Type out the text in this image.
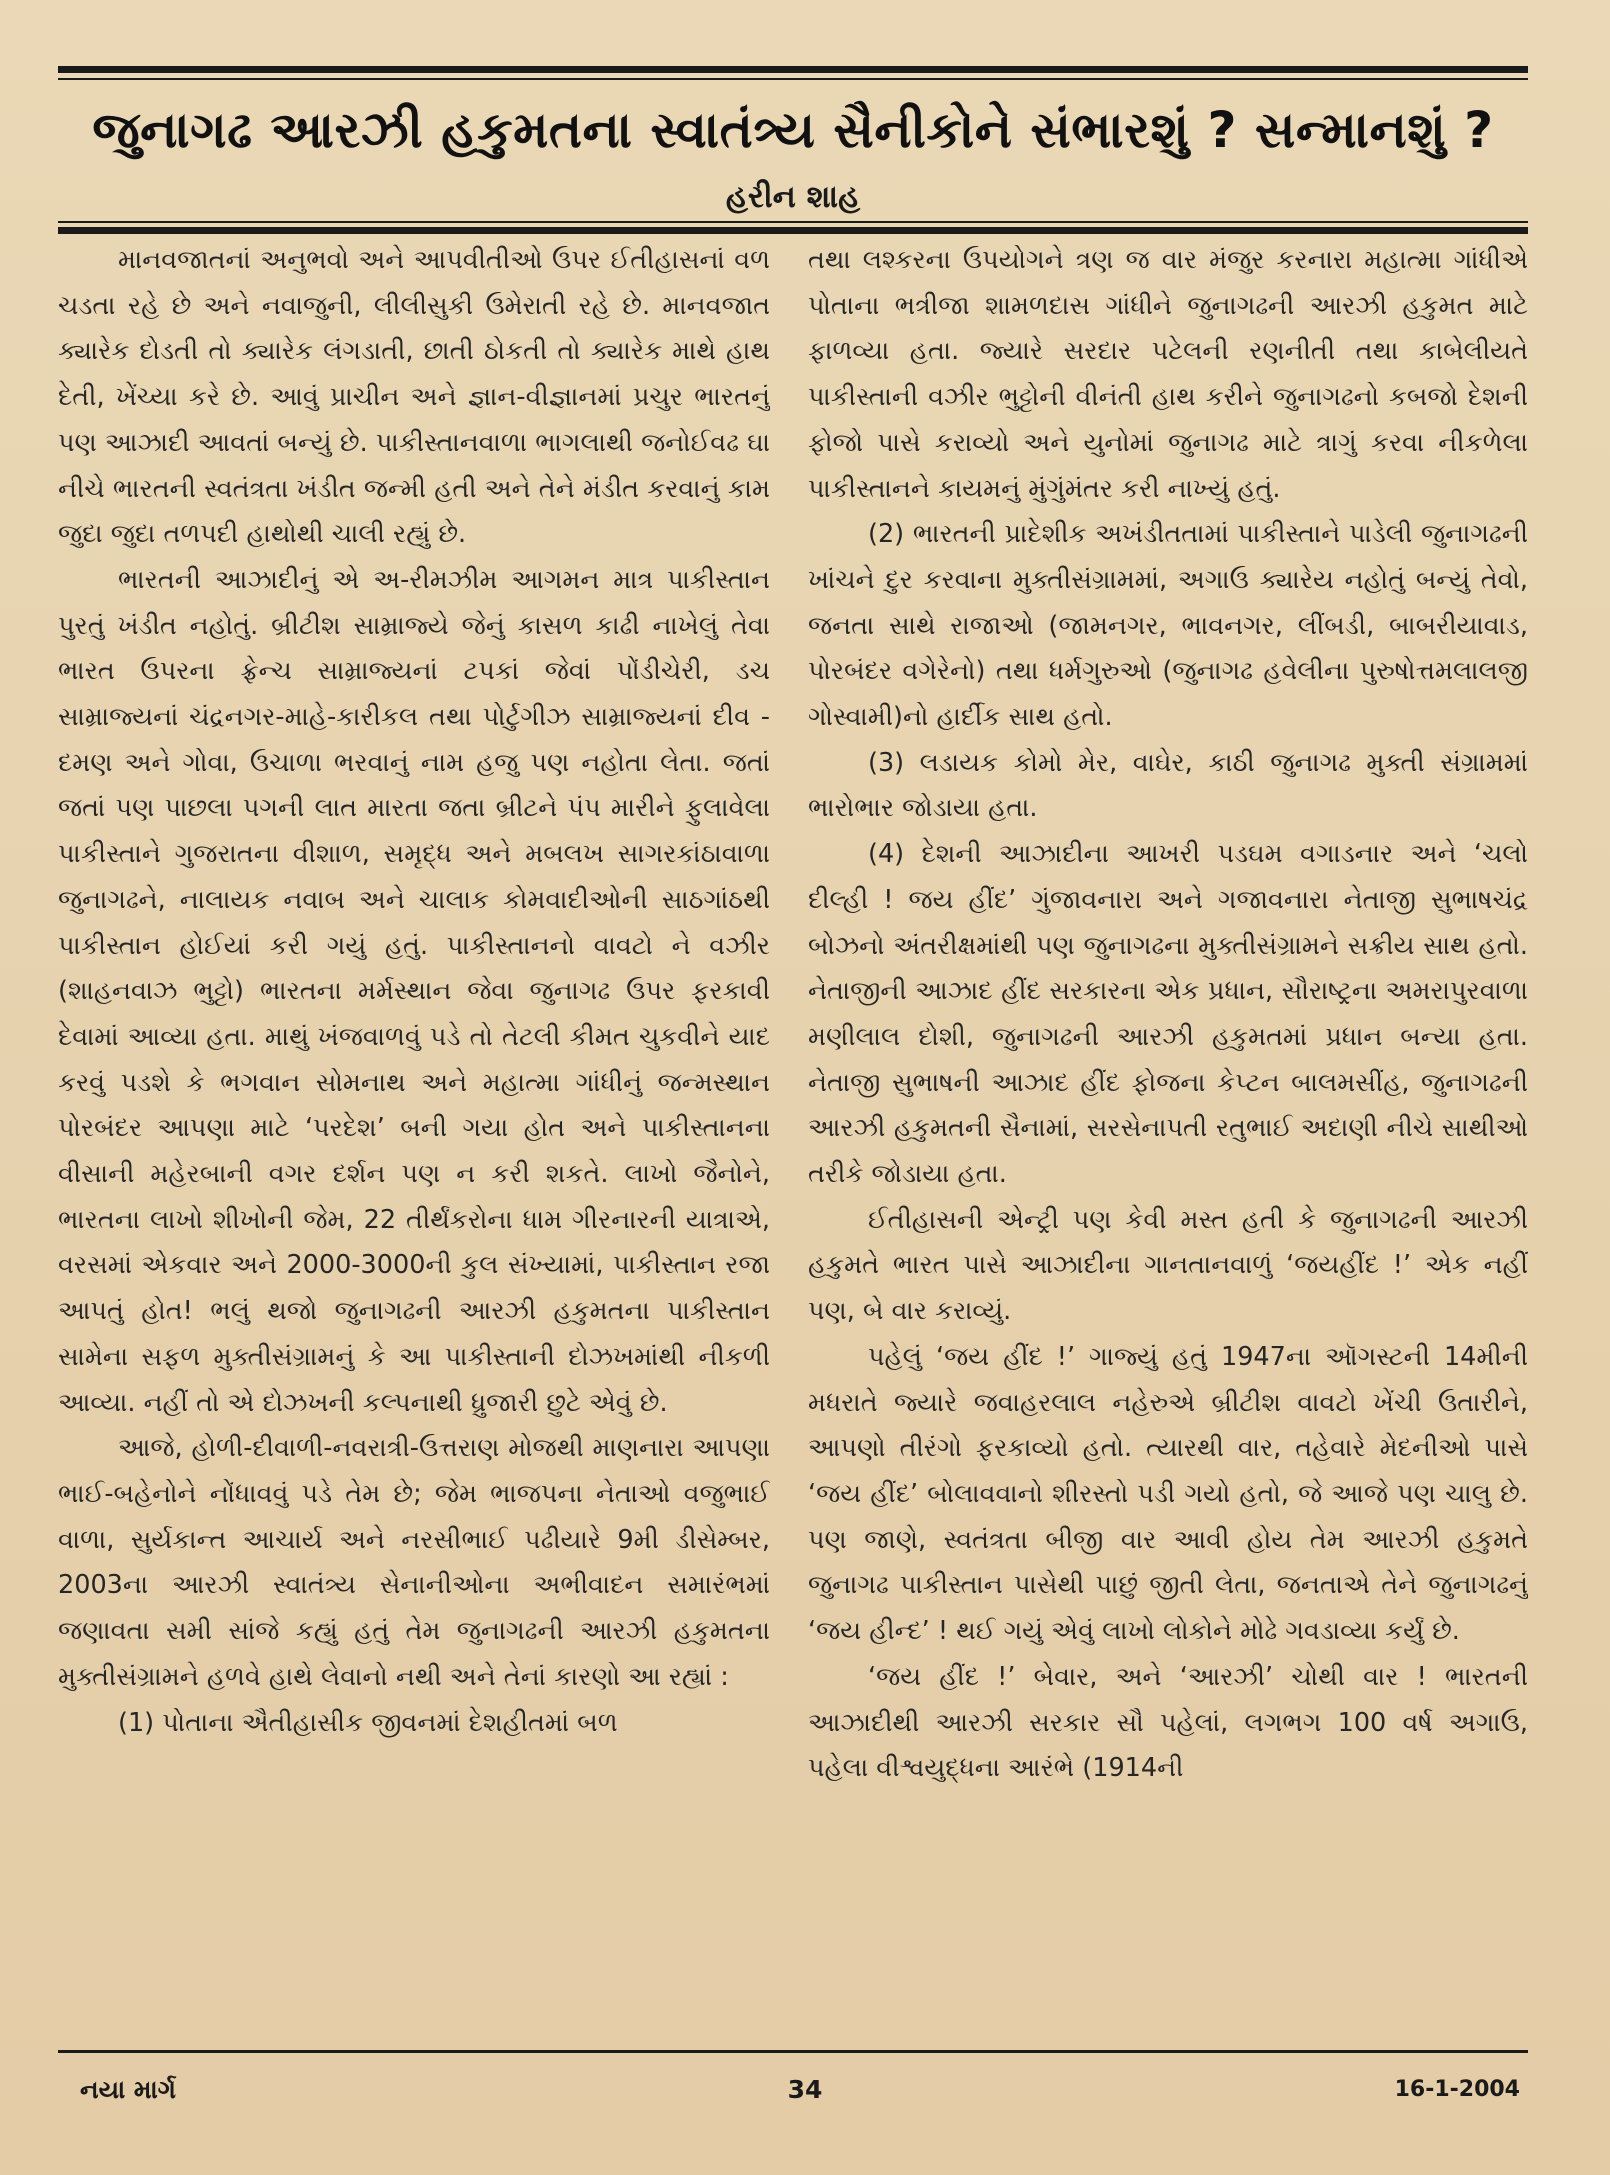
જુનાગઢ આરઝી હકુમતના સ્વાતંત્ર્ય સૈનીકોને સંભારશું ? સન્માનશું ?
હરીન શાહ

માનવજાતનાં અનુભવો અને આપવીતીઓ ઉપર ઈતીહાસનાં વળ ચડતા રહે છે અને નવાજુની, લીલીસુકી ઉમેરાતી રહે છે. માનવજાત ક્યારેક દોડતી તો ક્યારેક લંગડાતી, છાતી ઠોકતી તો ક્યારેક માથે હાથ દેતી, ખેંચ્યા કરે છે. આવું પ્રાચીન અને જ્ઞાન-વીજ્ઞાનમાં પ્રચુર ભારતનું પણ આઝાદી આવતાં બન્યું છે. પાકીસ્તાનવાળા ભાગલાથી જનોઈવઢ ઘા નીચે ભારતની સ્વતંત્રતા ખંડીત જન્મી હતી અને તેને મંડીત કરવાનું કામ જુદા જુદા તળપદી હાથોથી ચાલી રહ્યું છે.

ભારતની આઝાદીનું એ અ-રીમઝીમ આગમન માત્ર પાકીસ્તાન પુરતું ખંડીત નહોતું. બ્રીટીશ સામ્રાજ્યે જેનું કાસળ કાઢી નાખેલું તેવા ભારત ઉપરના ફ્રેન્ચ સામ્રાજ્યનાં ટપકાં જેવાં પોંડીચેરી, ડચ સામ્રાજ્યનાં ચંદ્રનગર-માહે-કારીકલ તથા પોર્ટુગીઝ સામ્રાજ્યનાં દીવ - દમણ અને ગોવા, ઉચાળા ભરવાનું નામ હજુ પણ નહોતા લેતા. જતાં જતાં પણ પાછલા પગની લાત મારતા જતા બ્રીટને પંપ મારીને ફુલાવેલા પાકીસ્તાને ગુજરાતના વીશાળ, સમૃદ્ધ અને મબલખ સાગરકાંઠાવાળા જુનાગઢને, નાલાયક નવાબ અને ચાલાક કોમવાદીઓની સાઠગાંઠથી પાકીસ્તાન હોઈયાં કરી ગયું હતું. પાકીસ્તાનનો વાવટો ને વઝીર (શાહનવાઝ ભુટ્ટો) ભારતના મર્મસ્થાન જેવા જુનાગઢ ઉપર ફરકાવી દેવામાં આવ્યા હતા. માથું ખંજવાળવું પડે તો તેટલી કીમત ચુકવીને યાદ કરવું પડશે કે ભગવાન સોમનાથ અને મહાત્મા ગાંધીનું જન્મસ્થાન પોરબંદર આપણા માટે ‘પરદેશ’ બની ગયા હોત અને પાકીસ્તાનના વીસાની મહેરબાની વગર દર્શન પણ ન કરી શકતે. લાખો જૈનોને, ભારતના લાખો શીખોની જેમ, 22 તીર્થંકરોના ધામ ગીરનારની યાત્રાએ, વરસમાં એકવાર અને 2000-3000ની કુલ સંખ્યામાં, પાકીસ્તાન રજા આપતું હોત! ભલું થજો જુનાગઢની આરઝી હકુમતના પાકીસ્તાન સામેના સફળ મુક્તીસંગ્રામનું કે આ પાકીસ્તાની દોઝખમાંથી નીકળી આવ્યા. નહીં તો એ દોઝખની કલ્પનાથી ધ્રુજારી છુટે એવું છે.

આજે, હોળી-દીવાળી-નવરાત્રી-ઉત્તરાણ મોજથી માણનારા આપણા ભાઈ-બહેનોને નોંધાવવું પડે તેમ છે; જેમ ભાજપના નેતાઓ વજુભાઈ વાળા, સુર્યકાન્ત આચાર્ય અને નરસીભાઈ પઢીયારે 9મી ડીસેમ્બર, 2003ના આરઝી સ્વાતંત્ર્ય સેનાનીઓના અભીવાદન સમારંભમાં જણાવતા સમી સાંજે કહ્યું હતું તેમ જુનાગઢની આરઝી હકુમતના મુક્તીસંગ્રામને હળવે હાથે લેવાનો નથી અને તેનાં કારણો આ રહ્યાં :

(1) પોતાના ઐતીહાસીક જીવનમાં દેશહીતમાં બળ

તથા લશ્કરના ઉપયોગને ત્રણ જ વાર મંજુર કરનારા મહાત્મા ગાંધીએ પોતાના ભત્રીજા શામળદાસ ગાંધીને જુનાગઢની આરઝી હકુમત માટે ફાળવ્યા હતા. જ્યારે સરદાર પટેલની રણનીતી તથા કાબેલીયતે પાકીસ્તાની વઝીર ભુટ્ટોની વીનંતી હાથ કરીને જુનાગઢનો કબજો દેશની ફોજો પાસે કરાવ્યો અને યુનોમાં જુનાગઢ માટે ત્રાગું કરવા નીકળેલા પાકીસ્તાનને કાયમનું મુંગુંમંતર કરી નાખ્યું હતું.

(2) ભારતની પ્રાદેશીક અખંડીતતામાં પાકીસ્તાને પાડેલી જુનાગઢની ખાંચને દુર કરવાના મુક્તીસંગ્રામમાં, અગાઉ ક્યારેય નહોતું બન્યું તેવો, જનતા સાથે રાજાઓ (જામનગર, ભાવનગર, લીંબડી, બાબરીયાવાડ, પોરબંદર વગેરેનો) તથા ધર્મગુરુઓ (જુનાગઢ હવેલીના પુરુષોત્તમલાલજી ગોસ્વામી)નો હાર્દીક સાથ હતો.

(3) લડાયક કોમો મેર, વાઘેર, કાઠી જુનાગઢ મુક્તી સંગ્રામમાં ભારોભાર જોડાયા હતા.

(4) દેશની આઝાદીના આખરી પડઘમ વગાડનાર અને ‘ચલો દીલ્હી ! જય હીંદ’ ગુંજાવનારા અને ગજાવનારા નેતાજી સુભાષચંદ્ર બોઝનો અંતરીક્ષમાંથી પણ જુનાગઢના મુક્તીસંગ્રામને સક્રીય સાથ હતો. નેતાજીની આઝાદ હીંદ સરકારના એક પ્રધાન, સૌરાષ્ટ્રના અમરાપુરવાળા મણીલાલ દોશી, જુનાગઢની આરઝી હકુમતમાં પ્રધાન બન્યા હતા. નેતાજી સુભાષની આઝાદ હીંદ ફોજના કેપ્ટન બાલમસીંહ, જુનાગઢની આરઝી હકુમતની સૈનામાં, સરસેનાપતી રતુભાઈ અદાણી નીચે સાથીઓ તરીકે જોડાયા હતા.

ઈતીહાસની એન્ટ્રી પણ કેવી મસ્ત હતી કે જુનાગઢની આરઝી હકુમતે ભારત પાસે આઝાદીના ગાનતાનવાળું ‘જયહીંદ !’ એક નહીં પણ, બે વાર કરાવ્યું.

પહેલું ‘જય હીંદ !’ ગાજ્યું હતું 1947ના ઑગસ્ટની 14મીની મધરાતે જ્યારે જવાહરલાલ નહેરુએ બ્રીટીશ વાવટો ખેંચી ઉતારીને, આપણો તીરંગો ફરકાવ્યો હતો. ત્યારથી વાર, તહેવારે મેદનીઓ પાસે ‘જય હીંદ’ બોલાવવાનો શીરસ્તો પડી ગયો હતો, જે આજે પણ ચાલુ છે. પણ જાણે, સ્વતંત્રતા બીજી વાર આવી હોય તેમ આરઝી હકુમતે જુનાગઢ પાકીસ્તાન પાસેથી પાછું જીતી લેતા, જનતાએ તેને જુનાગઢનું ‘જય હીન્દ’ ! થઈ ગયું એવું લાખો લોકોને મોઢે ગવડાવ્યા કર્યું છે.

‘જય હીંદ !’ બેવાર, અને ‘આરઝી’ ચોથી વાર ! ભારતની આઝાદીથી આરઝી સરકાર સૌ પહેલાં, લગભગ 100 વર્ષ અગાઉ, પહેલા વીશ્વયુદ્ધના આરંભે (1914ની

નયા માર્ગ	34	16-1-2004
